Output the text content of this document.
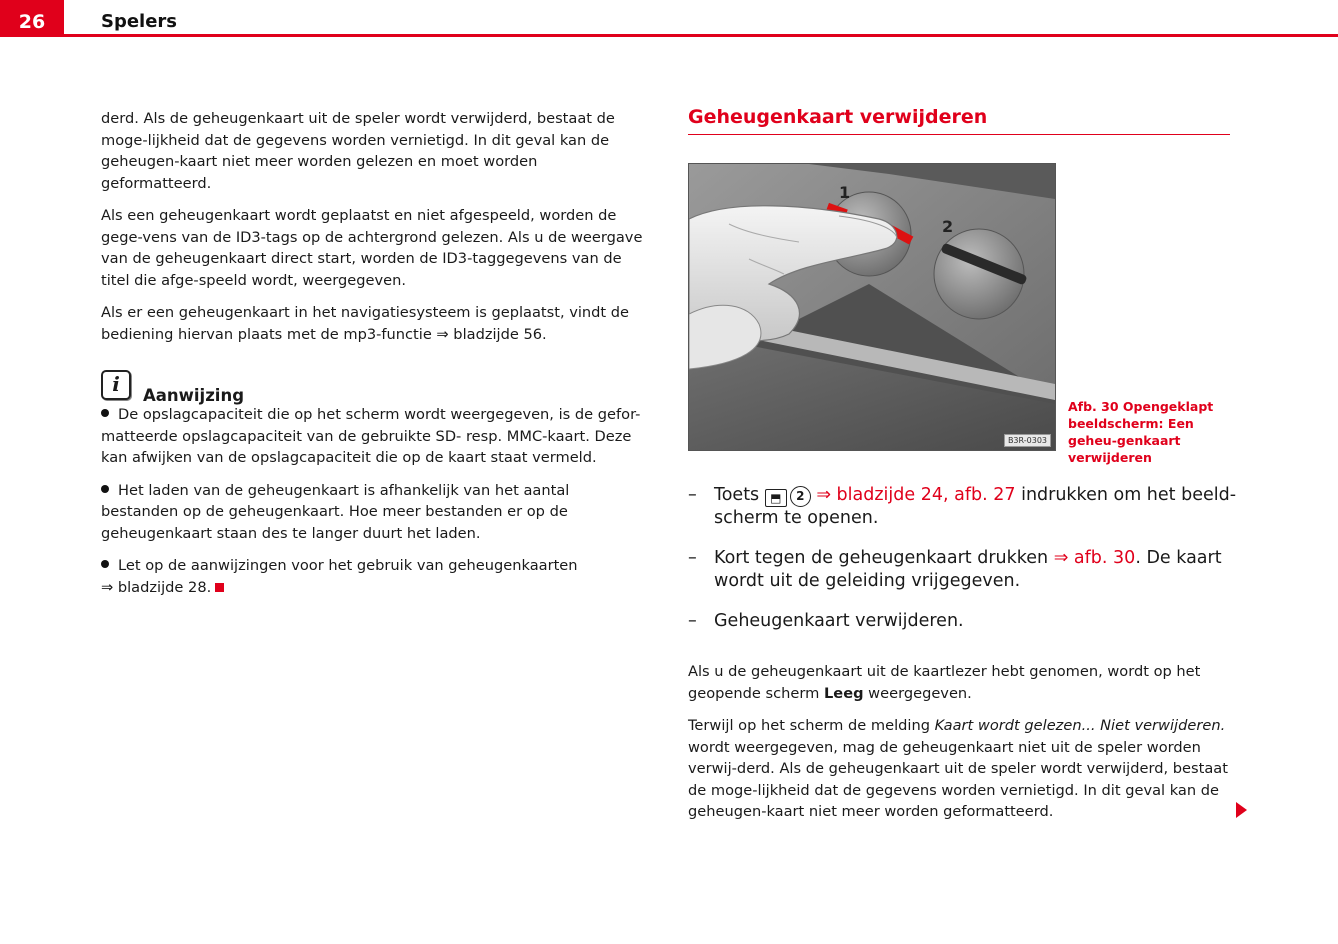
26	Spelers

derd. Als de geheugenkaart uit de speler wordt verwijderd, bestaat de moge-lijkheid dat de gegevens worden vernietigd. In dit geval kan de geheugen-kaart niet meer worden gelezen en moet worden geformatteerd.

Als een geheugenkaart wordt geplaatst en niet afgespeeld, worden de gege-vens van de ID3-tags op de achtergrond gelezen. Als u de weergave van de geheugenkaart direct start, worden de ID3-taggegevens van de titel die afge-speeld wordt, weergegeven.

Als er een geheugenkaart in het navigatiesysteem is geplaatst, vindt de bediening hiervan plaats met de mp3-functie ⇒ bladzijde 56.

i	Aanwijzing

De opslagcapaciteit die op het scherm wordt weergegeven, is de gefor-matteerde opslagcapaciteit van de gebruikte SD- resp. MMC-kaart. Deze kan afwijken van de opslagcapaciteit die op de kaart staat vermeld.

Het laden van de geheugenkaart is afhankelijk van het aantal bestanden op de geheugenkaart. Hoe meer bestanden er op de geheugenkaart staan des te langer duurt het laden.

Let op de aanwijzingen voor het gebruik van geheugenkaarten
⇒ bladzijde 28.

Geheugenkaart verwijderen
1
2
B3R-0303
Afb. 30 Opengeklapt beeldscherm: Een geheu-genkaart verwijderen
– Toets ⬒ 2 ⇒ bladzijde 24, afb. 27 indrukken om het beeld-scherm te openen.
– Kort tegen de geheugenkaart drukken ⇒ afb. 30. De kaart wordt uit de geleiding vrijgegeven.
– Geheugenkaart verwijderen.

Als u de geheugenkaart uit de kaartlezer hebt genomen, wordt op het geopende scherm Leeg weergegeven.

Terwijl op het scherm de melding Kaart wordt gelezen... Niet verwijderen. wordt weergegeven, mag de geheugenkaart niet uit de speler worden verwij-derd. Als de geheugenkaart uit de speler wordt verwijderd, bestaat de moge-lijkheid dat de gegevens worden vernietigd. In dit geval kan de geheugen-kaart niet meer worden geformatteerd.
